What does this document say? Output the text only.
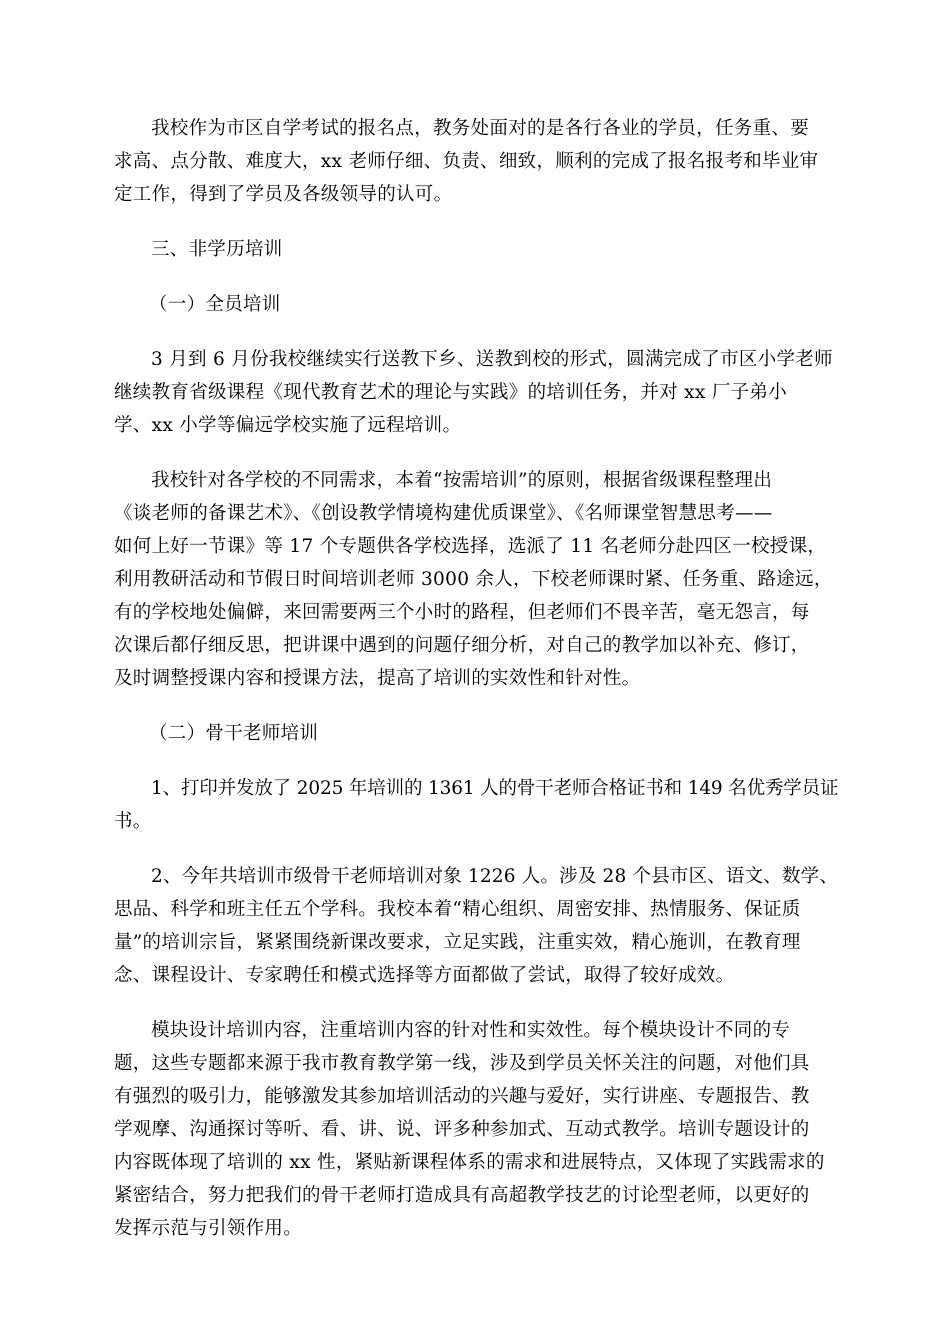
我校作为市区自学考试的报名点，教务处面对的是各行各业的学员，任务重、要
求高、点分散、难度大，xx 老师仔细、负责、细致，顺利的完成了报名报考和毕业审
定工作，得到了学员及各级领导的认可。
三、非学历培训
（一）全员培训
3 月到 6 月份我校继续实行送教下乡、送教到校的形式，圆满完成了市区小学老师
继续教育省级课程《现代教育艺术的理论与实践》的培训任务，并对 xx 厂子弟小
学、xx 小学等偏远学校实施了远程培训。
我校针对各学校的不同需求，本着“按需培训”的原则，根据省级课程整理出
《谈老师的备课艺术》、《创设教学情境构建优质课堂》、《名师课堂智慧思考——
如何上好一节课》等 17 个专题供各学校选择，选派了 11 名老师分赴四区一校授课，
利用教研活动和节假日时间培训老师 3000 余人，下校老师课时紧、任务重、路途远，
有的学校地处偏僻，来回需要两三个小时的路程，但老师们不畏辛苦，毫无怨言，每
次课后都仔细反思，把讲课中遇到的问题仔细分析，对自己的教学加以补充、修订，
及时调整授课内容和授课方法，提高了培训的实效性和针对性。
（二）骨干老师培训
1、打印并发放了 2025 年培训的 1361 人的骨干老师合格证书和 149 名优秀学员证
书。
2、今年共培训市级骨干老师培训对象 1226 人。涉及 28 个县市区、语文、数学、
思品、科学和班主任五个学科。我校本着“精心组织、周密安排、热情服务、保证质
量”的培训宗旨，紧紧围绕新课改要求，立足实践，注重实效，精心施训，在教育理
念、课程设计、专家聘任和模式选择等方面都做了尝试，取得了较好成效。
模块设计培训内容，注重培训内容的针对性和实效性。每个模块设计不同的专
题，这些专题都来源于我市教育教学第一线，涉及到学员关怀关注的问题，对他们具
有强烈的吸引力，能够激发其参加培训活动的兴趣与爱好，实行讲座、专题报告、教
学观摩、沟通探讨等听、看、讲、说、评多种参加式、互动式教学。培训专题设计的
内容既体现了培训的 xx 性，紧贴新课程体系的需求和进展特点，又体现了实践需求的
紧密结合，努力把我们的骨干老师打造成具有高超教学技艺的讨论型老师，以更好的
发挥示范与引领作用。
